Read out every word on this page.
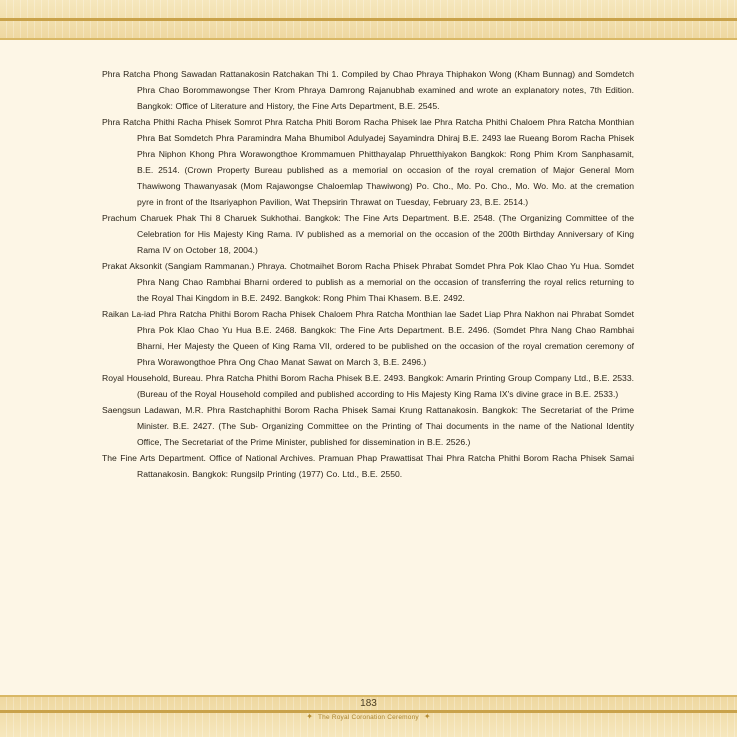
Phra Ratcha Phong Sawadan Rattanakosin Ratchakan Thi 1. Compiled by Chao Phraya Thiphakon Wong (Kham Bunnag) and Somdetch Phra Chao Borommawongse Ther Krom Phraya Damrong Rajanubhab examined and wrote an explanatory notes, 7th Edition. Bangkok: Office of Literature and History, the Fine Arts Department, B.E. 2545.

Phra Ratcha Phithi Racha Phisek Somrot Phra Ratcha Phiti Borom Racha Phisek lae Phra Ratcha Phithi Chaloem Phra Ratcha Monthian Phra Bat Somdetch Phra Paramindra Maha Bhumibol Adulyadej Sayamindra Dhiraj B.E. 2493 lae Rueang Borom Racha Phisek Phra Niphon Khong Phra Worawongthoe Krommamuen Phitthayalap Phruetthiyakon Bangkok: Rong Phim Krom Sanphasamit, B.E. 2514. (Crown Property Bureau published as a memorial on occasion of the royal cremation of Major General Mom Thawiwong Thawanyasak (Mom Rajawongse Chaloemlap Thawiwong) Po. Cho., Mo. Po. Cho., Mo. Wo. Mo. at the cremation pyre in front of the Itsariyaphon Pavilion, Wat Thepsirin Thrawat on Tuesday, February 23, B.E. 2514.)

Prachum Charuek Phak Thi 8 Charuek Sukhothai. Bangkok: The Fine Arts Department. B.E. 2548. (The Organizing Committee of the Celebration for His Majesty King Rama. IV published as a memorial on the occasion of the 200th Birthday Anniversary of King Rama IV on October 18, 2004.)

Prakat Aksonkit (Sangiam Rammanan.) Phraya. Chotmaihet Borom Racha Phisek Phrabat Somdet Phra Pok Klao Chao Yu Hua. Somdet Phra Nang Chao Rambhai Bharni ordered to publish as a memorial on the occasion of transferring the royal relics returning to the Royal Thai Kingdom in B.E. 2492. Bangkok: Rong Phim Thai Khasem. B.E. 2492.

Raikan La-iad Phra Ratcha Phithi Borom Racha Phisek Chaloem Phra Ratcha Monthian lae Sadet Liap Phra Nakhon nai Phrabat Somdet Phra Pok Klao Chao Yu Hua B.E. 2468. Bangkok: The Fine Arts Department. B.E. 2496. (Somdet Phra Nang Chao Rambhai Bharni, Her Majesty the Queen of King Rama VII, ordered to be published on the occasion of the royal cremation ceremony of Phra Worawongthoe Phra Ong Chao Manat Sawat on March 3, B.E. 2496.)

Royal Household, Bureau. Phra Ratcha Phithi Borom Racha Phisek B.E. 2493. Bangkok: Amarin Printing Group Company Ltd., B.E. 2533. (Bureau of the Royal Household compiled and published according to His Majesty King Rama IX's divine grace in B.E. 2533.)

Saengsun Ladawan, M.R. Phra Rastchaphithi Borom Racha Phisek Samai Krung Rattanakosin. Bangkok: The Secretariat of the Prime Minister. B.E. 2427. (The Sub- Organizing Committee on the Printing of Thai documents in the name of the National Identity Office, The Secretariat of the Prime Minister, published for dissemination in B.E. 2526.)

The Fine Arts Department. Office of National Archives. Pramuan Phap Prawattisat Thai Phra Ratcha Phithi Borom Racha Phisek Samai Rattanakosin. Bangkok: Rungsilp Printing (1977) Co. Ltd., B.E. 2550.

183
✦ The Royal Coronation Ceremony ✦
